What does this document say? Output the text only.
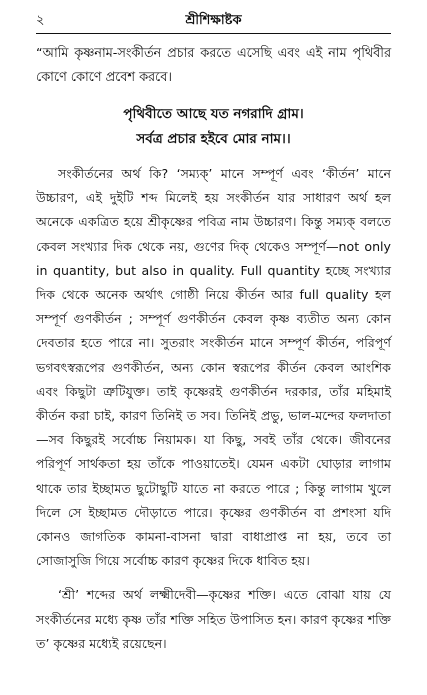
২	শ্রীশিক্ষাষ্টক

“আমি কৃষ্ণনাম-সংকীর্তন প্রচার করতে এসেছি এবং এই নাম পৃথিবীর কোণে কোণে প্রবেশ করবে।

পৃথিবীতে আছে যত নগরাদি গ্রাম।
সর্বত্র প্রচার হইবে মোর নাম।।

সংকীর্তনের অর্থ কি? ‘সম্যক্’ মানে সম্পূর্ণ এবং ‘কীর্তন’ মানে উচ্চারণ, এই দুইটি শব্দ মিলেই হয় সংকীর্তন যার সাধারণ অর্থ হল অনেকে একত্রিত হয়ে শ্রীকৃষ্ণের পবিত্র নাম উচ্চারণ। কিন্তু সম্যক্ বলতে কেবল সংখ্যার দিক থেকে নয়, গুণের দিক্ থেকেও সম্পূর্ণ—not only in quantity, but also in quality. Full quantity হচ্ছে সংখ্যার দিক থেকে অনেক অর্থাৎ গোষ্ঠী নিয়ে কীর্তন আর full quality হল সম্পূর্ণ গুণকীর্তন ; সম্পূর্ণ গুণকীর্তন কেবল কৃষ্ণ ব্যতীত অন্য কোন দেবতার হতে পারে না। সুতরাং সংকীর্তন মানে সম্পূর্ণ কীর্তন, পরিপূর্ণ ভগবৎস্বরূপের গুণকীর্তন, অন্য কোন স্বরূপের কীর্তন কেবল আংশিক এবং কিছুটা ত্রুটিযুক্ত। তাই কৃষ্ণেরই গুণকীর্তন দরকার, তাঁর মহিমাই কীর্তন করা চাই, কারণ তিনিই ত সব। তিনিই প্রভু, ভাল-মন্দের ফলদাতা—সব কিছুরই সর্বোচ্চ নিয়ামক। যা কিছু, সবই তাঁর থেকে। জীবনের পরিপূর্ণ সার্থকতা হয় তাঁকে পাওয়াতেই। যেমন একটা ঘোড়ার লাগাম থাকে তার ইচ্ছামত ছুটোছুটি যাতে না করতে পারে ; কিন্তু লাগাম খুলে দিলে সে ইচ্ছামত দৌড়াতে পারে। কৃষ্ণের গুণকীর্তন বা প্রশংসা যদি কোনও জাগতিক কামনা-বাসনা দ্বারা বাধাপ্রাপ্ত না হয়, তবে তা সোজাসুজি গিয়ে সর্বোচ্চ কারণ কৃষ্ণের দিকে ধাবিত হয়।

‘শ্রী’ শব্দের অর্থ লক্ষ্মীদেবী—কৃষ্ণের শক্তি। এতে বোঝা যায় যে সংকীর্তনের মধ্যে কৃষ্ণ তাঁর শক্তি সহিত উপাসিত হন। কারণ কৃষ্ণের শক্তি ত’ কৃষ্ণের মধ্যেই রয়েছেন।
